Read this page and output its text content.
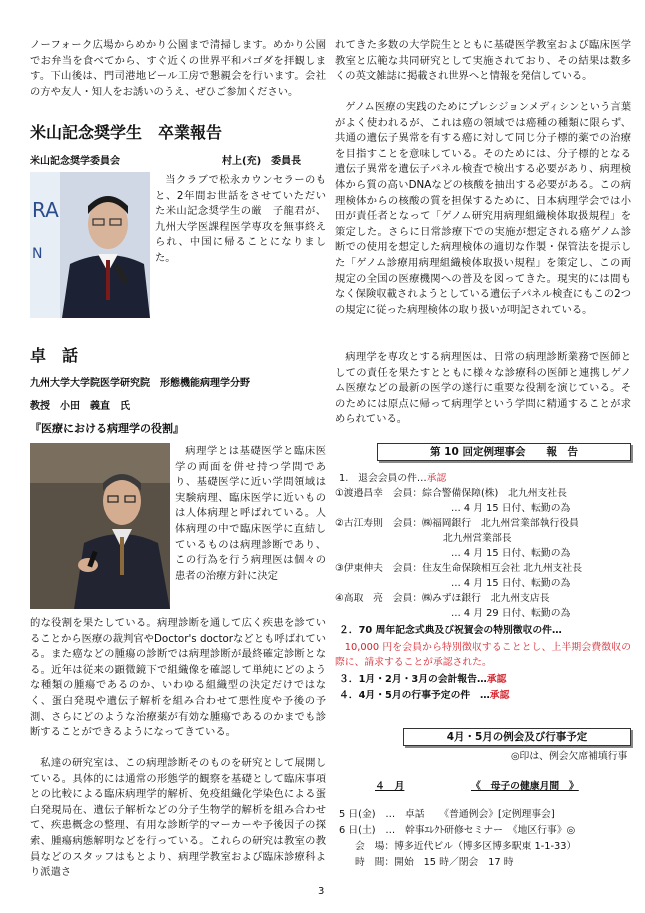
ノーフォーク広場からめかり公園まで清掃します。めかり公園でお弁当を食べてから、すぐ近くの世界平和パゴダを拝観します。下山後は、門司港地ビール工房で懇親会を行います。会社の方や友人・知人をお誘いのうえ、ぜひご参加ください。

米山記念奨学生　卒業報告
米山記念奨学委員会	村上(充)　委員長
RA
N

当クラブで松永カウンセラーのもと、2年間お世話をさせていただいた米山記念奨学生の厳　子龍君が、九州大学医課程医学専攻を無事終えられ、中国に帰ることになりました。

卓　話
九州大学大学院医学研究院　形態機能病理学分野
教授　小田　義直　氏
『医療における病理学の役割』

病理学とは基礎医学と臨床医学の両面を併せ持つ学問であり、基礎医学に近い学問領域は実験病理、臨床医学に近いものは人体病理と呼ばれている。人体病理の中で臨床医学に直結しているものは病理診断であり、この行為を行う病理医は個々の患者の治療方針に決定

的な役割を果たしている。病理診断を通して広く疾患を診ていることから医療の裁判官やDoctor's doctorなどとも呼ばれている。また癌などの腫瘍の診断では病理診断が最終確定診断となる。近年は従来の顕微鏡下で組織像を確認して単純にどのような種類の腫瘍であるのか、いわゆる組織型の決定だけではなく、蛋白発現や遺伝子解析を組み合わせて悪性度や予後の予測、さらにどのような治療薬が有効な腫瘍であるのかまでも診断することができるようになってきている。

私達の研究室は、この病理診断そのものを研究として展開している。具体的には通常の形態学的観察を基礎として臨床事項との比較による臨床病理学的解析、免疫組織化学染色による蛋白発現局在、遺伝子解析などの分子生物学的解析を組み合わせて、疾患概念の整理、有用な診断学的マーカーや予後因子の探索、腫瘍病態解明などを行っている。これらの研究は教室の教員などのスタッフはもとより、病理学教室および臨床診療科より派遣さ

れてきた多数の大学院生とともに基礎医学教室および臨床医学教室と広範な共同研究として実施されており、その結果は数多くの英文雑誌に掲載され世界へと情報を発信している。

ゲノム医療の実践のためにプレシジョンメディシンという言葉がよく使われるが、これは癌の領域では癌種の種類に限らず、共通の遺伝子異常を有する癌に対して同じ分子標的薬での治療を目指すことを意味している。そのためには、分子標的となる遺伝子異常を遺伝子パネル検査で検出する必要があり、病理検体から質の高いDNAなどの核酸を抽出する必要がある。この病理検体からの核酸の質を担保するために、日本病理学会では小田が責任者となって「ゲノム研究用病理組織検体取扱規程」を策定した。さらに日常診療下での実施が想定される癌ゲノム診断での使用を想定した病理検体の適切な作製・保管法を提示した「ゲノム診療用病理組織検体取扱い規程」を策定し、この両規定の全国の医療機関への普及を図ってきた。現実的には間もなく保険収載されようとしている遺伝子パネル検査にもこの2つの規定に従った病理検体の取り扱いが明記されている。

病理学を専攻とする病理医は、日常の病理診断業務で医師としての責任を果たすとともに様々な診療科の医師と連携しゲノム医療などの最新の医学の遂行に重要な役割を演じている。そのためには原点に帰って病理学という学問に精通することが求められている。

第 10 回定例理事会　　報　告
1.　退会会員の件…承認
①渡邉昌幸　会員：綜合警備保障(株)　北九州支社長
… 4 月 15 日付、転勤の為
②古江寿則　会員：㈱福岡銀行　北九州営業部執行役員
北九州営業部長
… 4 月 15 日付、転勤の為
③伊東伸夫　会員：住友生命保険相互会社 北九州支社長
… 4 月 15 日付、転勤の為
④高取　亮　会員：㈱みずほ銀行　北九州支店長
… 4 月 29 日付、転勤の為
２．70 周年記念式典及び祝賀会の特別徴収の件…

10,000 円を会員から特別徴収することとし、上半期会費徴収の際に、請求することが承認された。

３．1月・2月・3月の会計報告…承認
４．4月・5月の行事予定の件　…承認
4月・5月の例会及び行事予定
◎印は、例会欠席補填行事
４　月	《　母子の健康月間　》
5 日(金)　…　卓話　　《普通例会》[定例理事会]
6 日(土)　…　幹事ｴﾚｸﾄ研修セミナー　《地区行事》◎
会　場：博多近代ビル（博多区博多駅東 1-1-33）
時　間：開始　15 時／閉会　17 時
3
